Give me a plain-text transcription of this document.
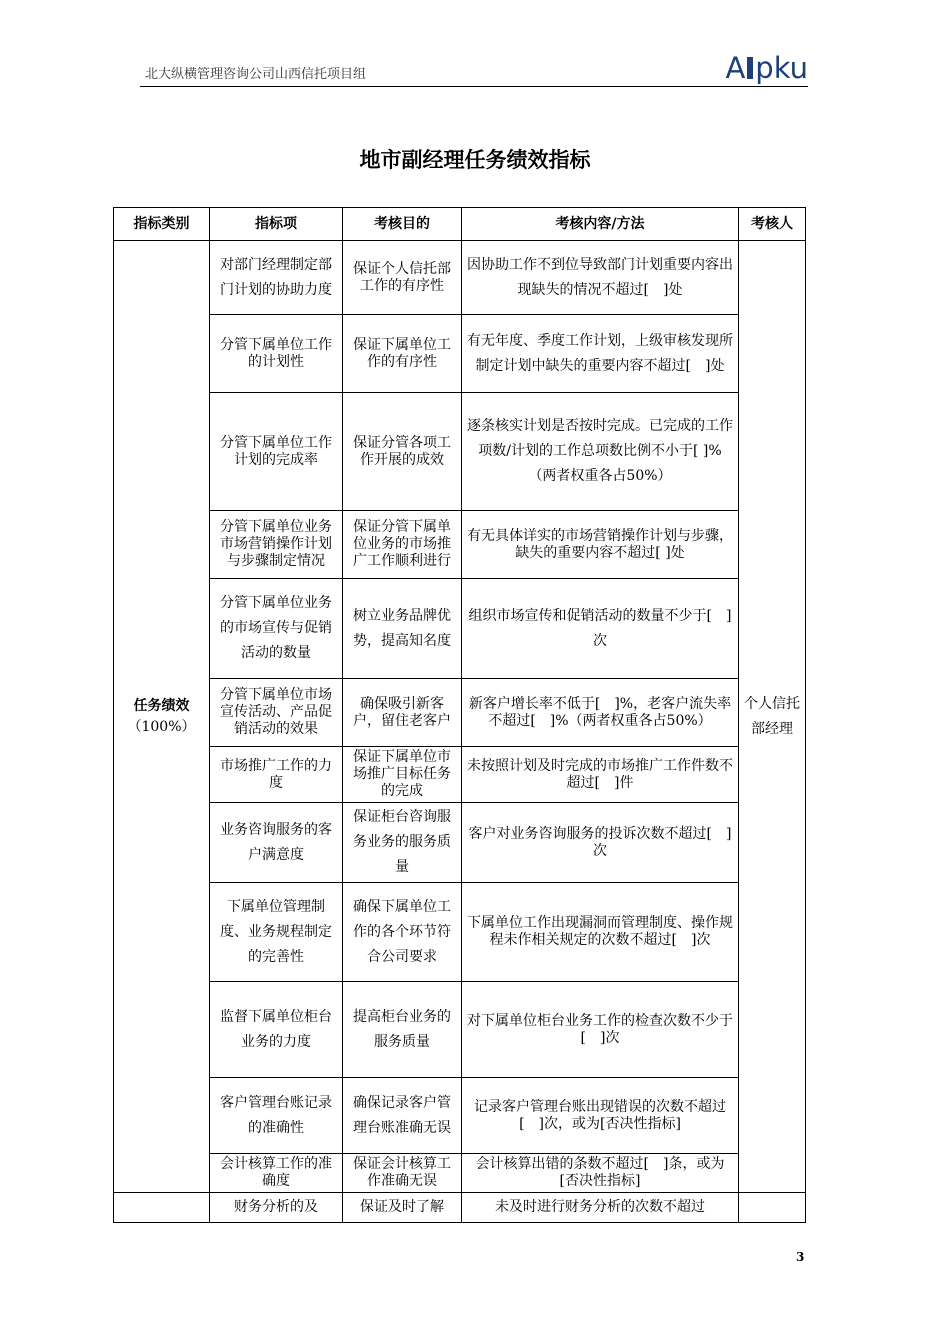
北大纵横管理咨询公司山西信托项目组	A pku
地市副经理任务绩效指标
指标类别	指标项	考核目的	考核内容/方法	考核人

任务绩效
（100%）	对部门经理制定部门计划的协助力度	保证个人信托部工作的有序性	因协助工作不到位导致部门计划重要内容出现缺失的情况不超过[　]处	个人信托部经理
	分管下属单位工作的计划性	保证下属单位工作的有序性	有无年度、季度工作计划，上级审核发现所制定计划中缺失的重要内容不超过[　]处	
	分管下属单位工作计划的完成率	保证分管各项工作开展的成效	逐条核实计划是否按时完成。已完成的工作项数/计划的工作总项数比例不小于[ ]%（两者权重各占50%）	
	分管下属单位业务市场营销操作计划与步骤制定情况	保证分管下属单位业务的市场推广工作顺利进行	有无具体详实的市场营销操作计划与步骤，缺失的重要内容不超过[ ]处	
	分管下属单位业务的市场宣传与促销活动的数量	树立业务品牌优势，提高知名度	组织市场宣传和促销活动的数量不少于[　]次	
	分管下属单位市场宣传活动、产品促销活动的效果	确保吸引新客户，留住老客户	新客户增长率不低于[　]%，老客户流失率不超过[　]%（两者权重各占50%）	
	市场推广工作的力度	保证下属单位市场推广目标任务的完成	未按照计划及时完成的市场推广工作件数不超过[　]件	
	业务咨询服务的客户满意度	保证柜台咨询服务业务的服务质量	客户对业务咨询服务的投诉次数不超过[　]次	
	下属单位管理制度、业务规程制定的完善性	确保下属单位工作的各个环节符合公司要求	下属单位工作出现漏洞而管理制度、操作规程未作相关规定的次数不超过[　]次	
	监督下属单位柜台业务的力度	提高柜台业务的服务质量	对下属单位柜台业务工作的检查次数不少于[　]次	
	客户管理台账记录的准确性	确保记录客户管理台账准确无误	记录客户管理台账出现错误的次数不超过[　]次，或为[否决性指标]	
	会计核算工作的准确度	保证会计核算工作准确无误	会计核算出错的条数不超过[　]条，或为[否决性指标]	
	财务分析的及	保证及时了解	未及时进行财务分析的次数不超过	
3
